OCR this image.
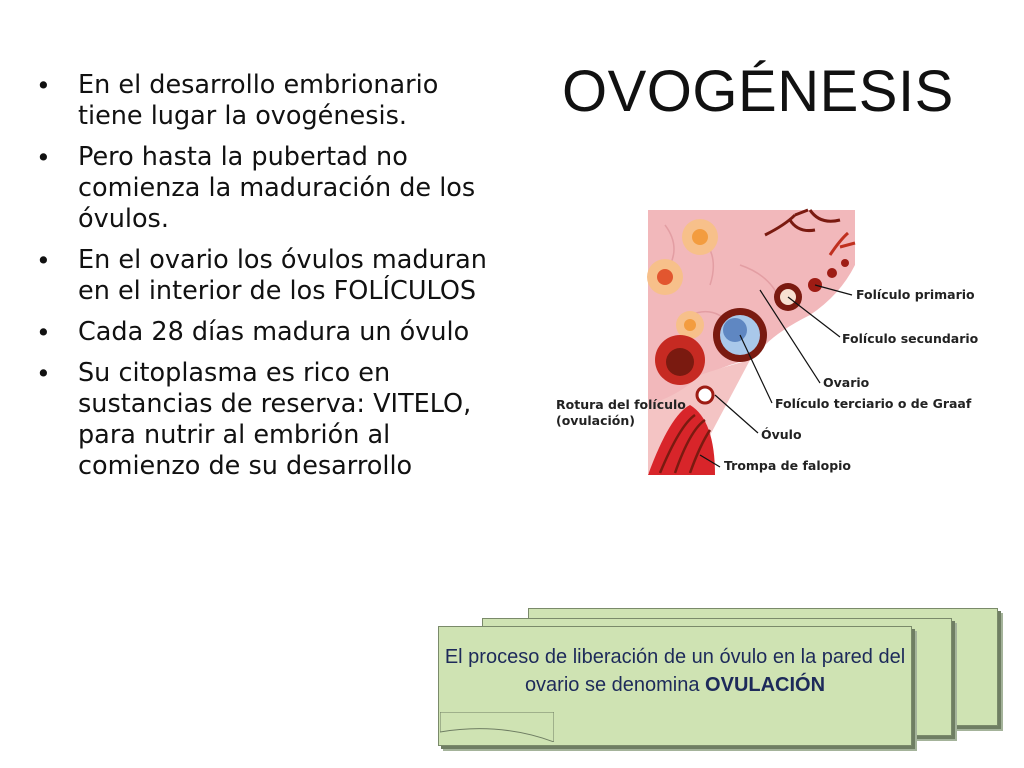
OVOGÉNESIS
• En el desarrollo embrionario tiene lugar la ovogénesis.
• Pero hasta la pubertad no comienza la maduración de los óvulos.
• En el ovario los óvulos maduran en el interior de los FOLÍCULOS
• Cada 28 días madura un óvulo
• Su citoplasma es rico en sustancias de reserva: VITELO, para nutrir al embrión al comienzo de su desarrollo
Folículo primario
Folículo secundario
Ovario
Folículo terciario o de Graaf
Rotura del folículo
(ovulación)
Óvulo
Trompa de falopio
El proceso de liberación de un óvulo en la pared del ovario se denomina OVULACIÓN
